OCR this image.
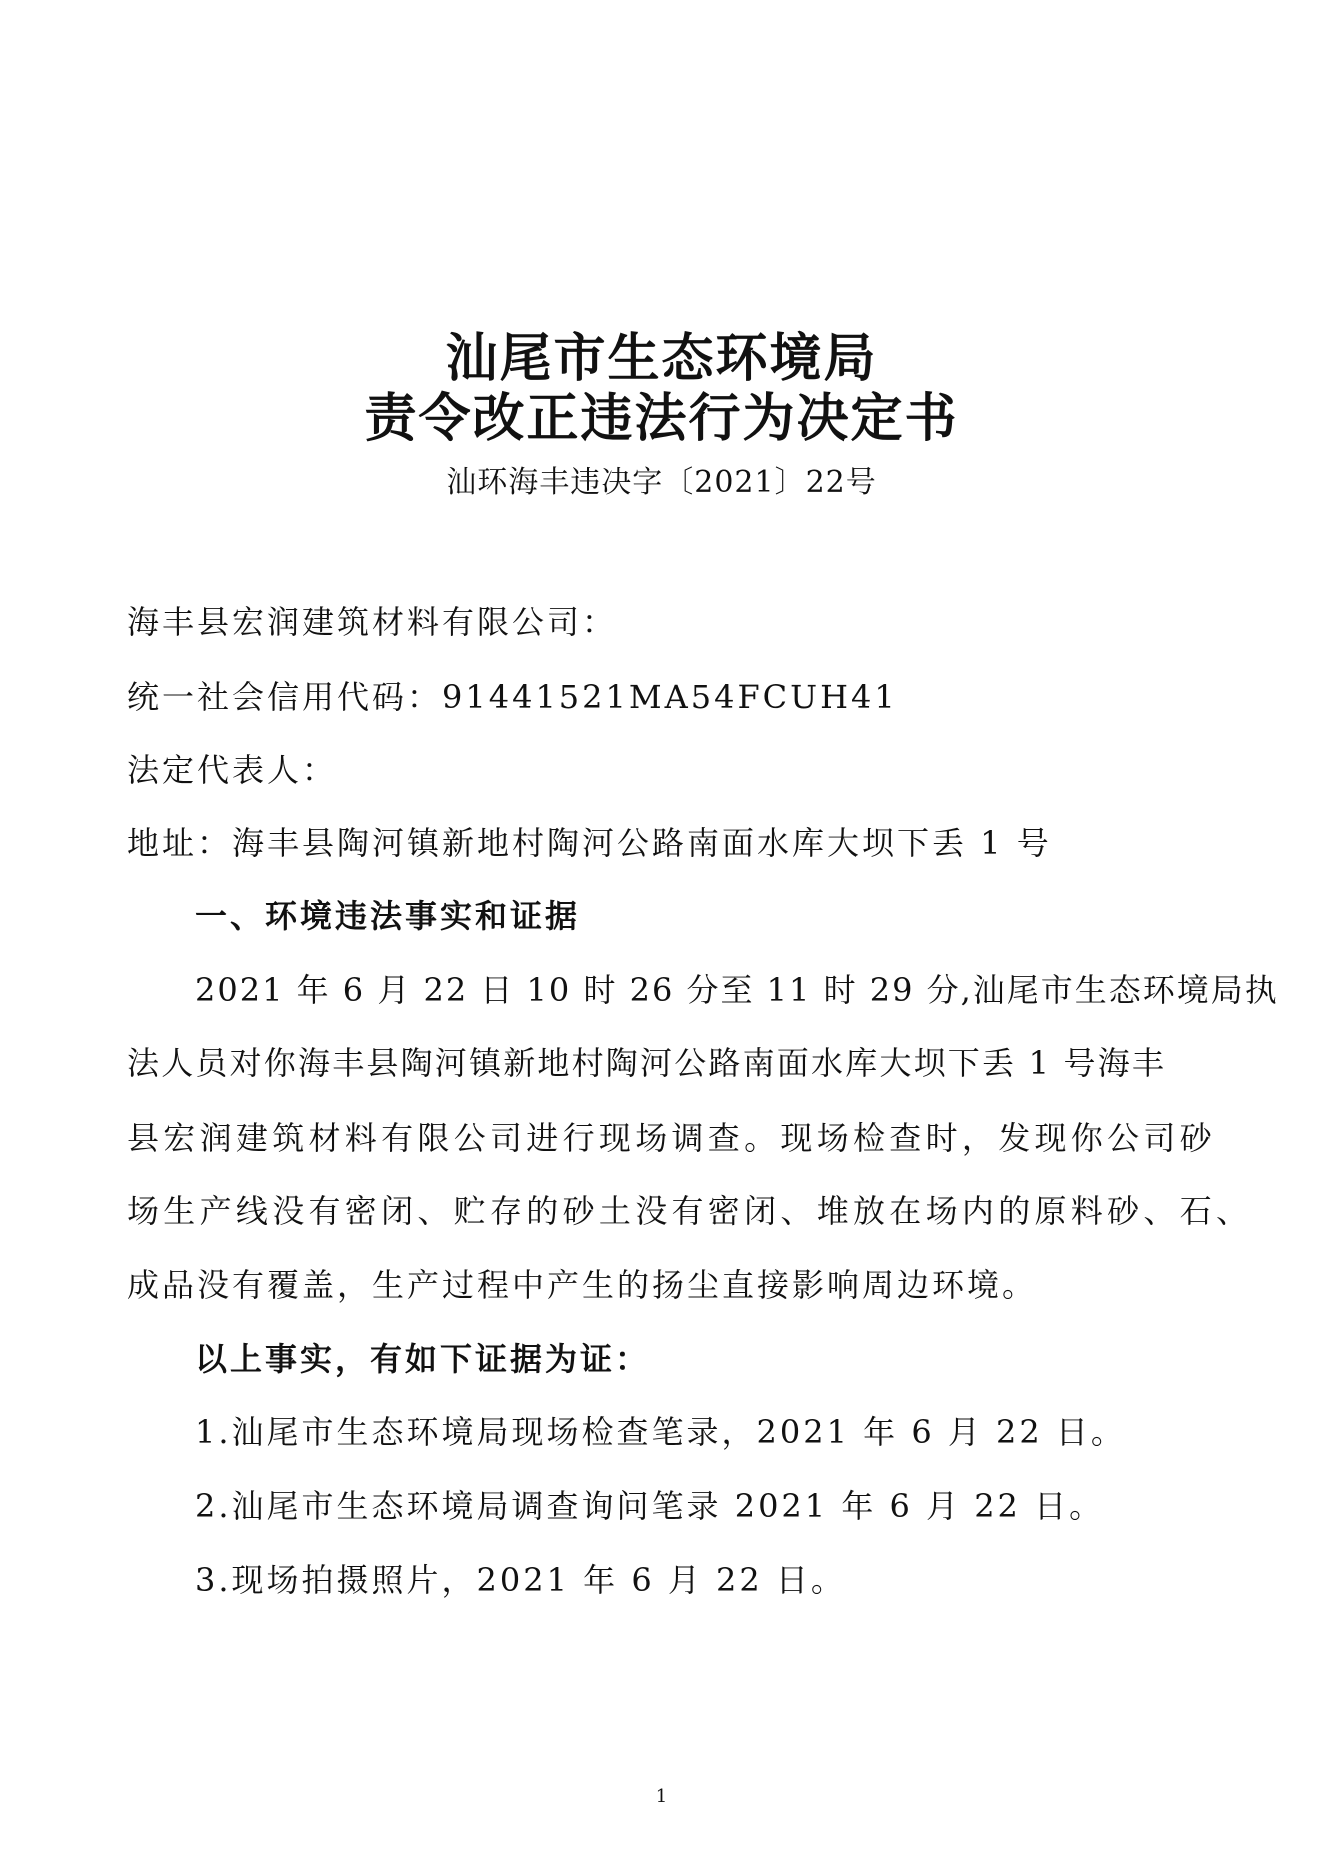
汕尾市生态环境局
责令改正违法行为决定书
汕环海丰违决字〔2021〕22号
海丰县宏润建筑材料有限公司：
统一社会信用代码：91441521MA54FCUH41
法定代表人：
地址：海丰县陶河镇新地村陶河公路南面水库大坝下丢 1 号
一、环境违法事实和证据
2021 年 6 月 22 日 10 时 26 分至 11 时 29 分,汕尾市生态环境局执
法人员对你海丰县陶河镇新地村陶河公路南面水库大坝下丢 1 号海丰
县宏润建筑材料有限公司进行现场调查。现场检查时，发现你公司砂
场生产线没有密闭、贮存的砂土没有密闭、堆放在场内的原料砂、石、
成品没有覆盖，生产过程中产生的扬尘直接影响周边环境。
以上事实，有如下证据为证：
1.汕尾市生态环境局现场检查笔录，2021 年 6 月 22 日。
2.汕尾市生态环境局调查询问笔录 2021 年 6 月 22 日。
3.现场拍摄照片，2021 年 6 月 22 日。
1
